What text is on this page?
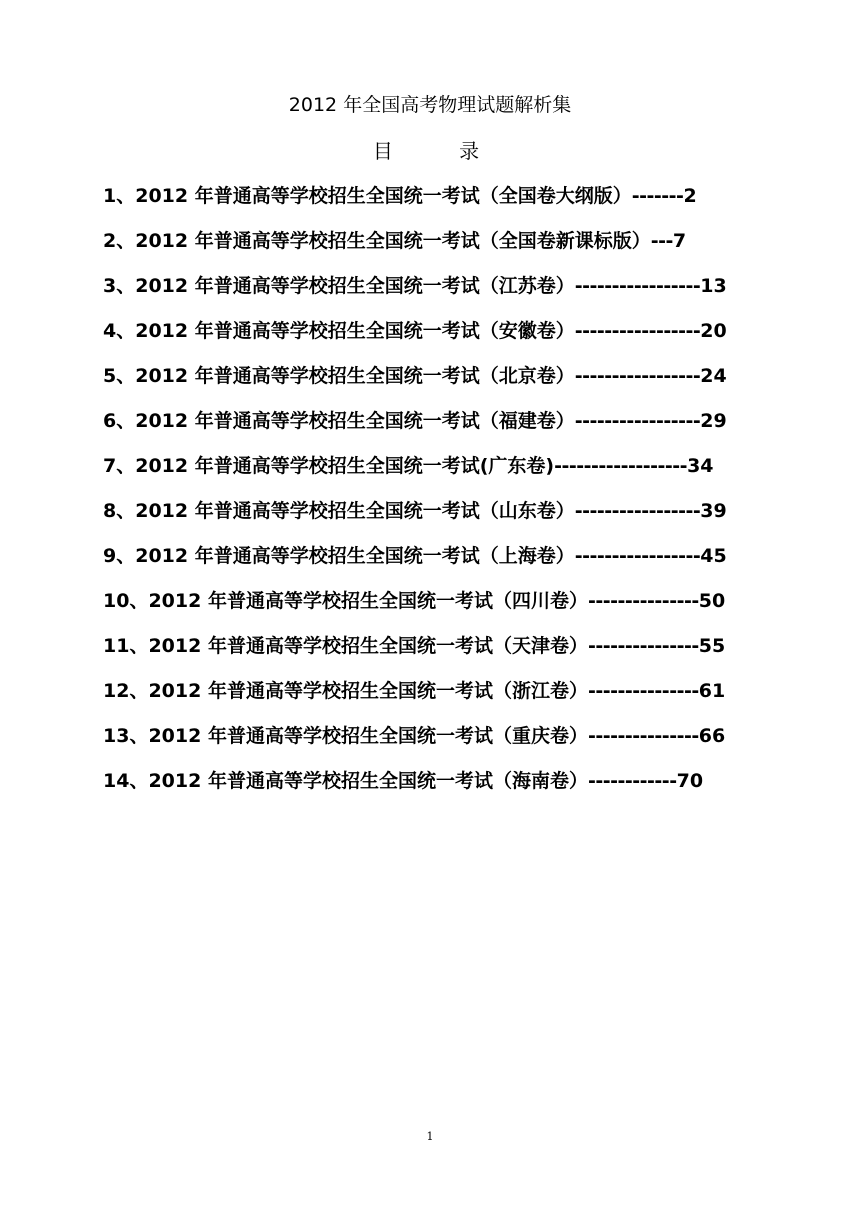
2012 年全国高考物理试题解析集
目 录
1、2012 年普通高等学校招生全国统一考试（全国卷大纲版）-------2
2、2012 年普通高等学校招生全国统一考试（全国卷新课标版）---7
3、2012 年普通高等学校招生全国统一考试（江苏卷）-----------------13
4、2012 年普通高等学校招生全国统一考试（安徽卷）-----------------20
5、2012 年普通高等学校招生全国统一考试（北京卷）-----------------24
6、2012 年普通高等学校招生全国统一考试（福建卷）-----------------29
7、2012 年普通高等学校招生全国统一考试(广东卷)------------------34
8、2012 年普通高等学校招生全国统一考试（山东卷）-----------------39
9、2012 年普通高等学校招生全国统一考试（上海卷）-----------------45
10、2012 年普通高等学校招生全国统一考试（四川卷）---------------50
11、2012 年普通高等学校招生全国统一考试（天津卷）---------------55
12、2012 年普通高等学校招生全国统一考试（浙江卷）---------------61
13、2012 年普通高等学校招生全国统一考试（重庆卷）---------------66
14、2012 年普通高等学校招生全国统一考试（海南卷）------------70
1
